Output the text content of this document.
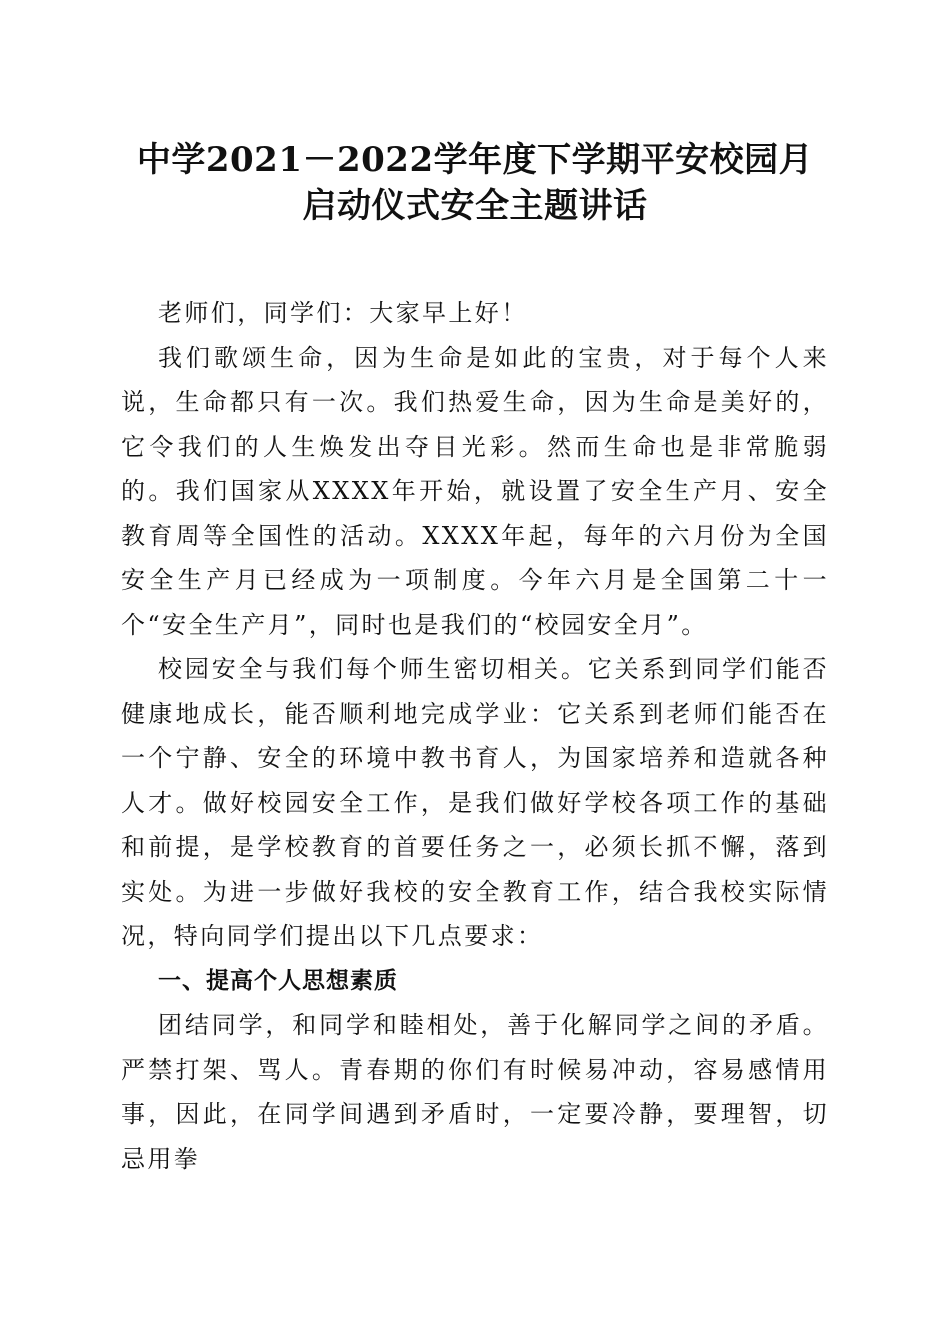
中学2021－2022学年度下学期平安校园月启动仪式安全主题讲话

老师们，同学们：大家早上好！

我们歌颂生命，因为生命是如此的宝贵，对于每个人来说，生命都只有一次。我们热爱生命，因为生命是美好的，它令我们的人生焕发出夺目光彩。然而生命也是非常脆弱的。我们国家从XXXX年开始，就设置了安全生产月、安全教育周等全国性的活动。XXXX年起，每年的六月份为全国安全生产月已经成为一项制度。今年六月是全国第二十一个“安全生产月”，同时也是我们的“校园安全月”。

校园安全与我们每个师生密切相关。它关系到同学们能否健康地成长，能否顺利地完成学业：它关系到老师们能否在一个宁静、安全的环境中教书育人，为国家培养和造就各种人才。做好校园安全工作，是我们做好学校各项工作的基础和前提，是学校教育的首要任务之一，必须长抓不懈，落到实处。为进一步做好我校的安全教育工作，结合我校实际情况，特向同学们提出以下几点要求：

一、提高个人思想素质

团结同学，和同学和睦相处，善于化解同学之间的矛盾。严禁打架、骂人。青春期的你们有时候易冲动，容易感情用事，因此，在同学间遇到矛盾时，一定要冷静，要理智，切忌用拳
